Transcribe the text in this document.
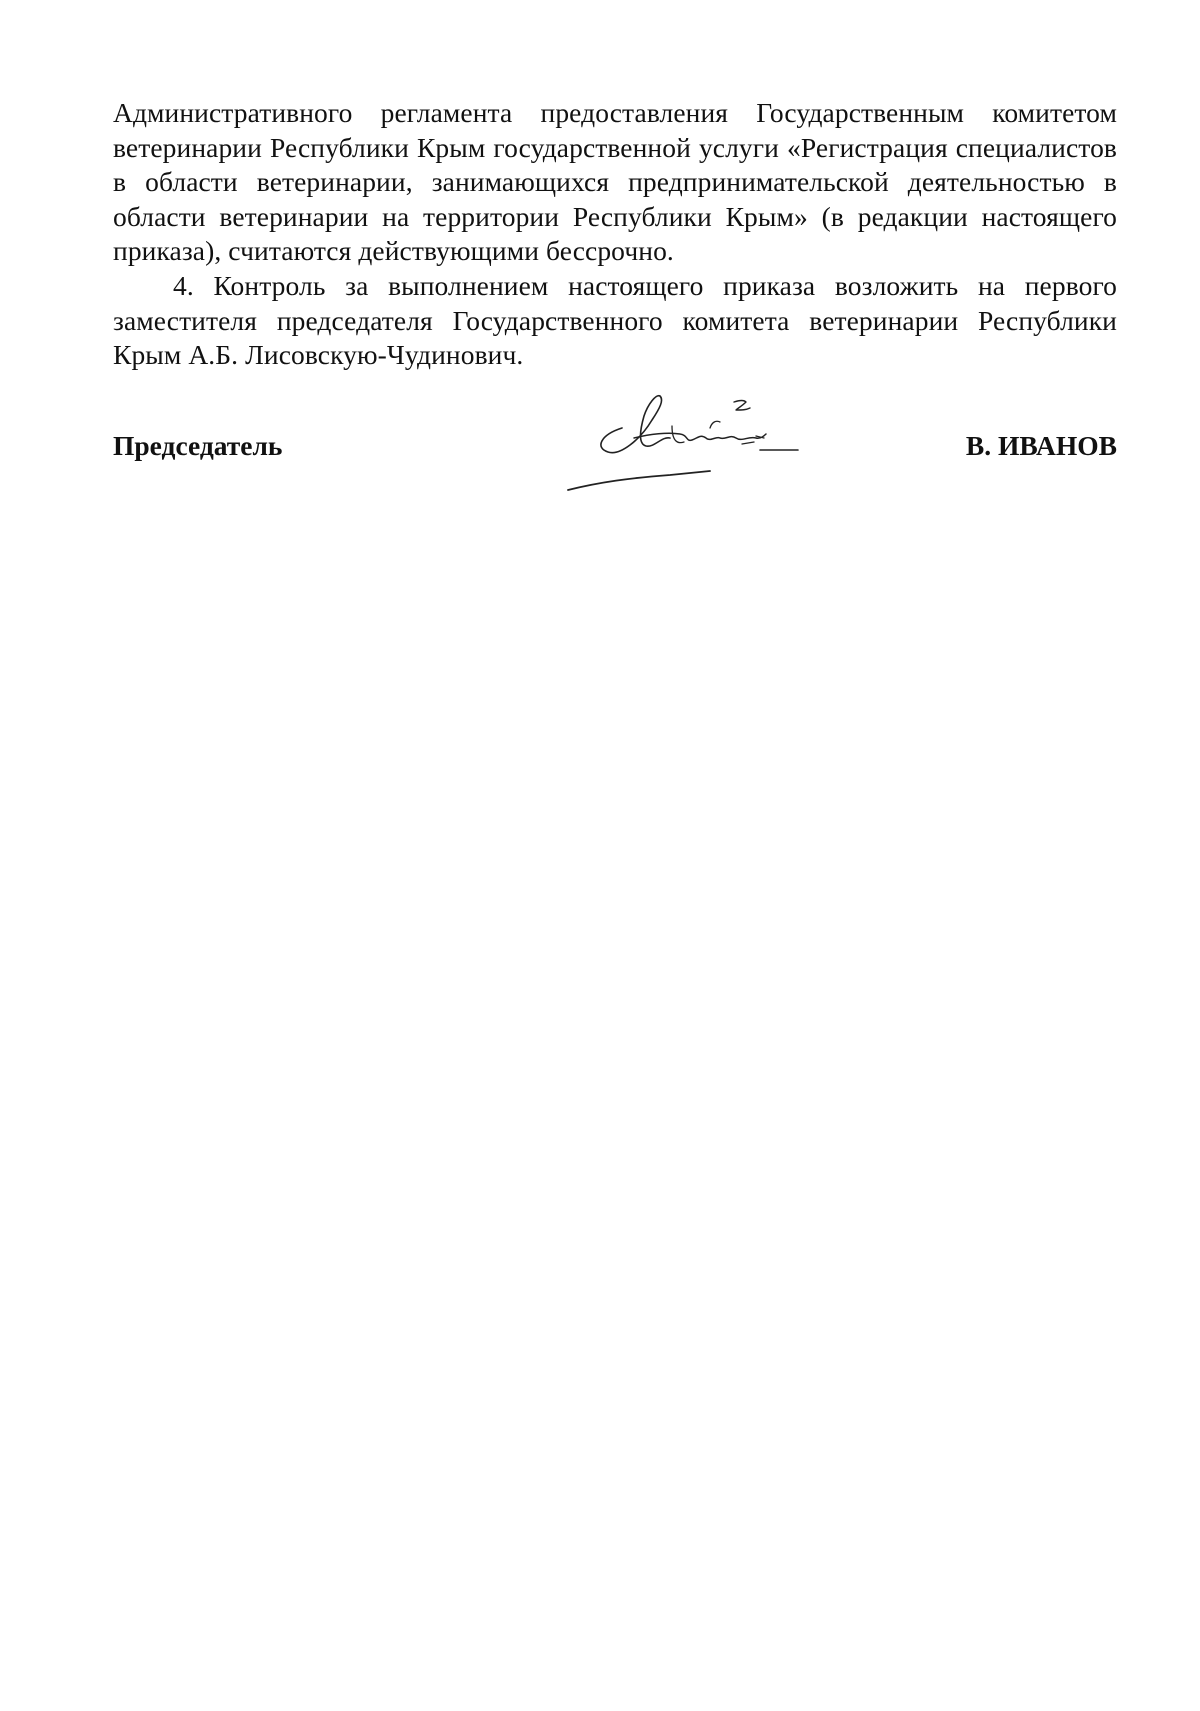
Административного регламента предоставления Государственным комитетом ветеринарии Республики Крым государственной услуги «Регистрация специалистов в области ветеринарии, занимающихся предпринимательской деятельностью в области ветеринарии на территории Республики Крым» (в редакции настоящего приказа), считаются действующими бессрочно.

4. Контроль за выполнением настоящего приказа возложить на первого заместителя председателя Государственного комитета ветеринарии Республики Крым А.Б. Лисовскую-Чудинович.

Председатель	В. ИВАНОВ
